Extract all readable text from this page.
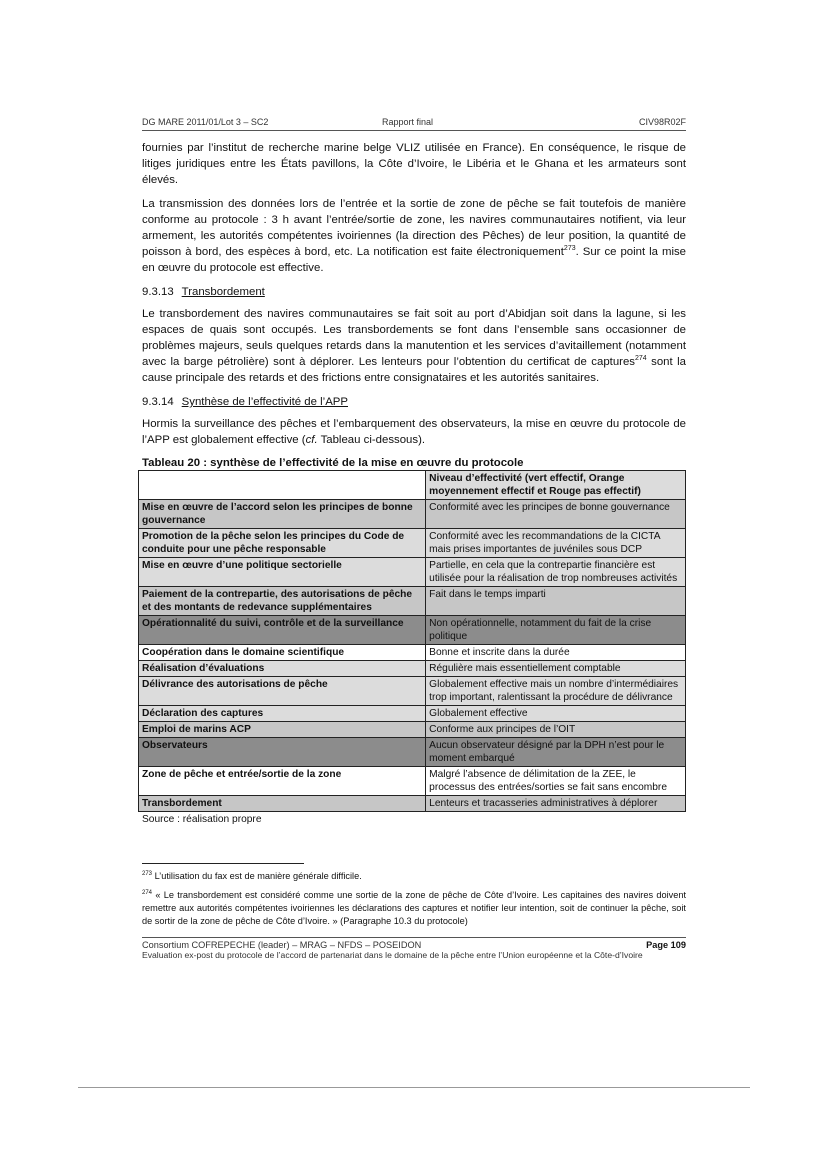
DG MARE 2011/01/Lot 3 – SC2	Rapport final	CIV98R02F

fournies par l’institut de recherche marine belge VLIZ utilisée en France). En conséquence, le risque de litiges juridiques entre les États pavillons, la Côte d’Ivoire, le Libéria et le Ghana et les armateurs sont élevés.

La transmission des données lors de l’entrée et la sortie de zone de pêche se fait toutefois de manière conforme au protocole : 3 h avant l’entrée/sortie de zone, les navires communautaires notifient, via leur armement, les autorités compétentes ivoiriennes (la direction des Pêches) de leur position, la quantité de poisson à bord, des espèces à bord, etc. La notification est faite électroniquement$^{273}$. Sur ce point la mise en œuvre du protocole est effective.

9.3.13 Transbordement

Le transbordement des navires communautaires se fait soit au port d’Abidjan soit dans la lagune, si les espaces de quais sont occupés. Les transbordements se font dans l’ensemble sans occasionner de problèmes majeurs, seuls quelques retards dans la manutention et les services d’avitaillement (notamment avec la barge pétrolière) sont à déplorer. Les lenteurs pour l’obtention du certificat de captures$^{274}$ sont la cause principale des retards et des frictions entre consignataires et les autorités sanitaires.

9.3.14 Synthèse de l’effectivité de l’APP

Hormis la surveillance des pêches et l’embarquement des observateurs, la mise en œuvre du protocole de l’APP est globalement effective (cf. Tableau ci-dessous).

Tableau 20 : synthèse de l’effectivité de la mise en œuvre du protocole
	Niveau d’effectivité (vert effectif, Orange moyennement effectif et Rouge pas effectif)
Mise en œuvre de l’accord selon les principes de bonne gouvernance	Conformité avec les principes de bonne gouvernance
Promotion de la pêche selon les principes du Code de conduite pour une pêche responsable	Conformité avec les recommandations de la CICTA mais prises importantes de juvéniles sous DCP
Mise en œuvre d’une politique sectorielle	Partielle, en cela que la contrepartie financière est utilisée pour la réalisation de trop nombreuses activités
Paiement de la contrepartie, des autorisations de pêche et des montants de redevance supplémentaires	Fait dans le temps imparti
Opérationnalité du suivi, contrôle et de la surveillance	Non opérationnelle, notamment du fait de la crise politique
Coopération dans le domaine scientifique	Bonne et inscrite dans la durée
Réalisation d’évaluations	Régulière mais essentiellement comptable
Délivrance des autorisations de pêche	Globalement effective mais un nombre d’intermédiaires trop important, ralentissant la procédure de délivrance
Déclaration des captures	Globalement effective
Emploi de marins ACP	Conforme aux principes de l’OIT
Observateurs	Aucun observateur désigné par la DPH n’est pour le moment embarqué
Zone de pêche et entrée/sortie de la zone	Malgré l’absence de délimitation de la ZEE, le processus des entrées/sorties se fait sans encombre
Transbordement	Lenteurs et tracasseries administratives à déplorer
Source : réalisation propre

$^{273}$ L’utilisation du fax est de manière générale difficile.

$^{274}$ « Le transbordement est considéré comme une sortie de la zone de pêche de Côte d’Ivoire. Les capitaines des navires doivent remettre aux autorités compétentes ivoiriennes les déclarations des captures et notifier leur intention, soit de continuer la pêche, soit de sortir de la zone de pêche de Côte d’Ivoire. » (Paragraphe 10.3 du protocole)

Consortium COFREPECHE (leader) – MRAG – NFDS – POSEIDON	Page 109
Evaluation ex-post du protocole de l’accord de partenariat dans le domaine de la pêche entre l’Union européenne et la Côte-d’Ivoire
